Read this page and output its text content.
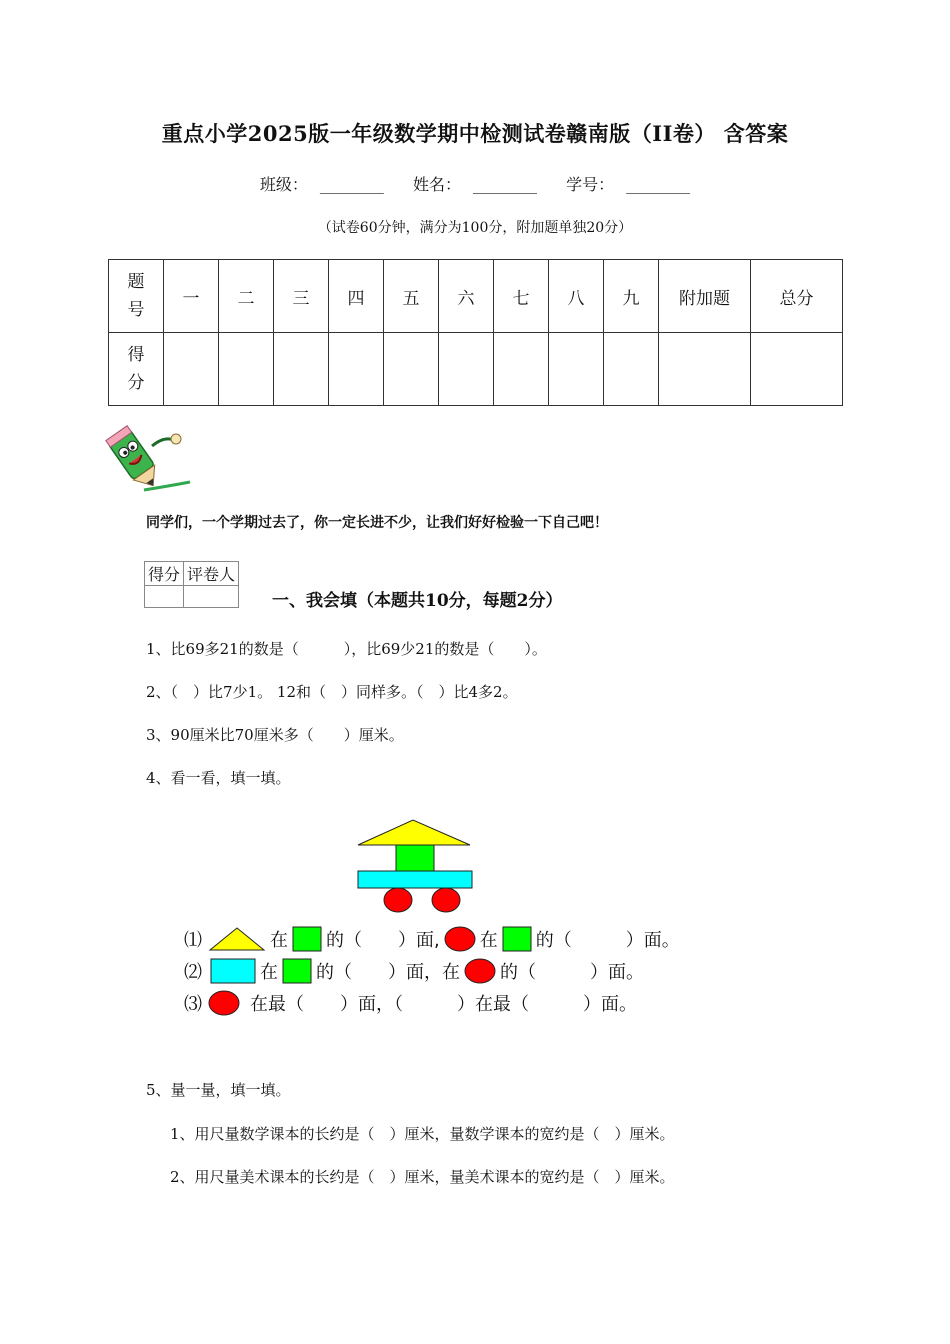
重点小学2025版一年级数学期中检测试卷赣南版（II卷） 含答案
班级： ________ 姓名： ________ 学号： ________
（试卷60分钟，满分为100分，附加题单独20分）
题
号	一	二	三	四	五	六	七	八	九	附加题	总分

得
分											

同学们，一个学期过去了，你一定长进不少，让我们好好检验一下自己吧！
得分	评卷人

一、我会填（本题共10分，每题2分）
1、比69多21的数是（　　　），比69少21的数是（　　）。
2、（　）比7少1。 12和（　）同样多。（　）比4多2。
3、90厘米比70厘米多（　　）厘米。
4、看一看，填一填。
⑴	在 的（　　）面, 在 的（　　　）面。
⑵	在 的（　　）面，在 的（　　　）面。
⑶	在最（　　）面，（　　　）在最（　　　）面。
5、量一量，填一填。
1、用尺量数学课本的长约是（　）厘米，量数学课本的宽约是（　）厘米。
2、用尺量美术课本的长约是（　）厘米，量美术课本的宽约是（　）厘米。
